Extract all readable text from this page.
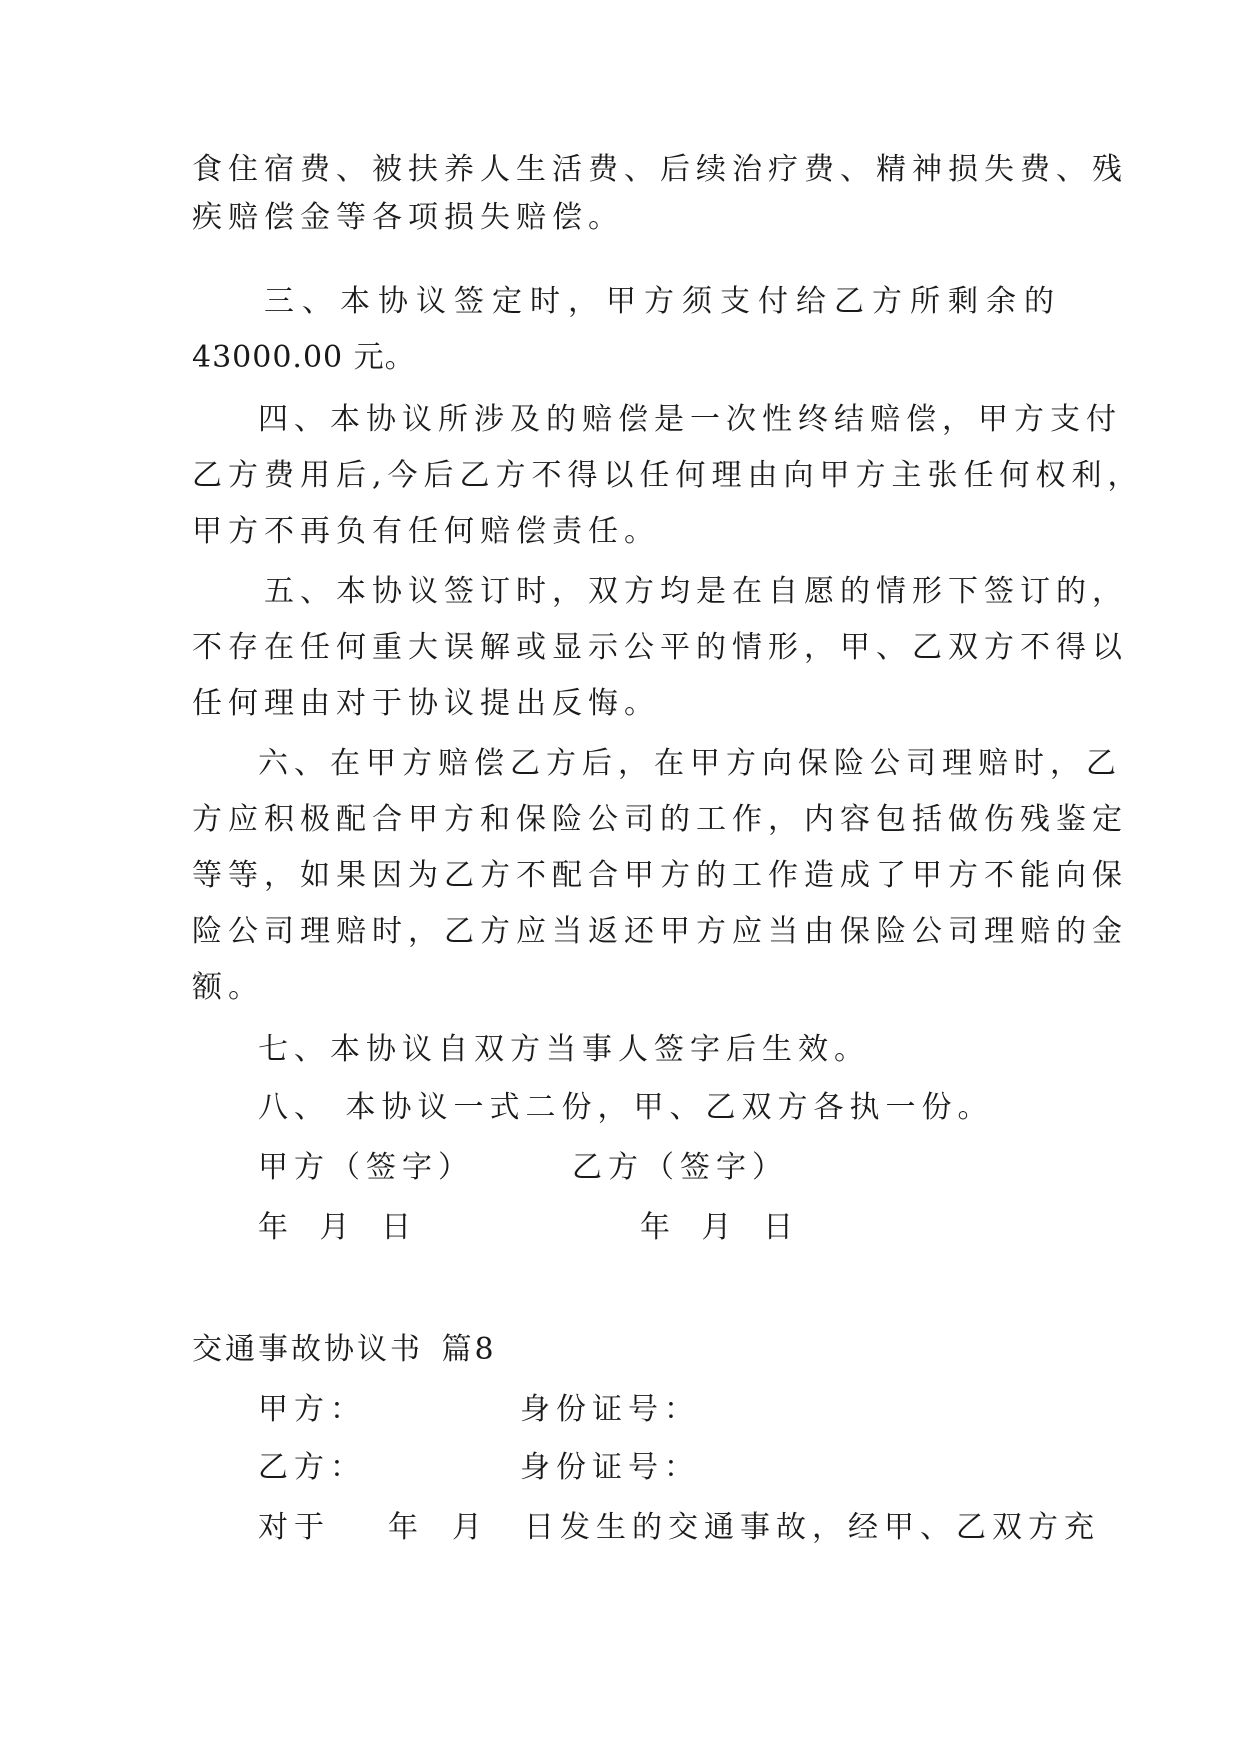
食住宿费、被扶养人生活费、后续治疗费、精神损失费、残
疾赔偿金等各项损失赔偿。
三、本协议签定时，甲方须支付给乙方所剩余的
43000.00 元。
四、本协议所涉及的赔偿是一次性终结赔偿，甲方支付
乙方费用后,今后乙方不得以任何理由向甲方主张任何权利，
甲方不再负有任何赔偿责任。
五、本协议签订时，双方均是在自愿的情形下签订的，
不存在任何重大误解或显示公平的情形，甲、乙双方不得以
任何理由对于协议提出反悔。
六、在甲方赔偿乙方后，在甲方向保险公司理赔时，乙
方应积极配合甲方和保险公司的工作，内容包括做伤残鉴定
等等，如果因为乙方不配合甲方的工作造成了甲方不能向保
险公司理赔时，乙方应当返还甲方应当由保险公司理赔的金
额。
七、本协议自双方当事人签字后生效。
八、 本协议一式二份，甲、乙双方各执一份。
甲方（签字）	乙方（签字）
年 月 日	年 月 日
交通事故协议书 篇8
甲方：	身份证号：
乙方：	身份证号：
对于 年 月 日发生的交通事故，经甲、乙双方充
